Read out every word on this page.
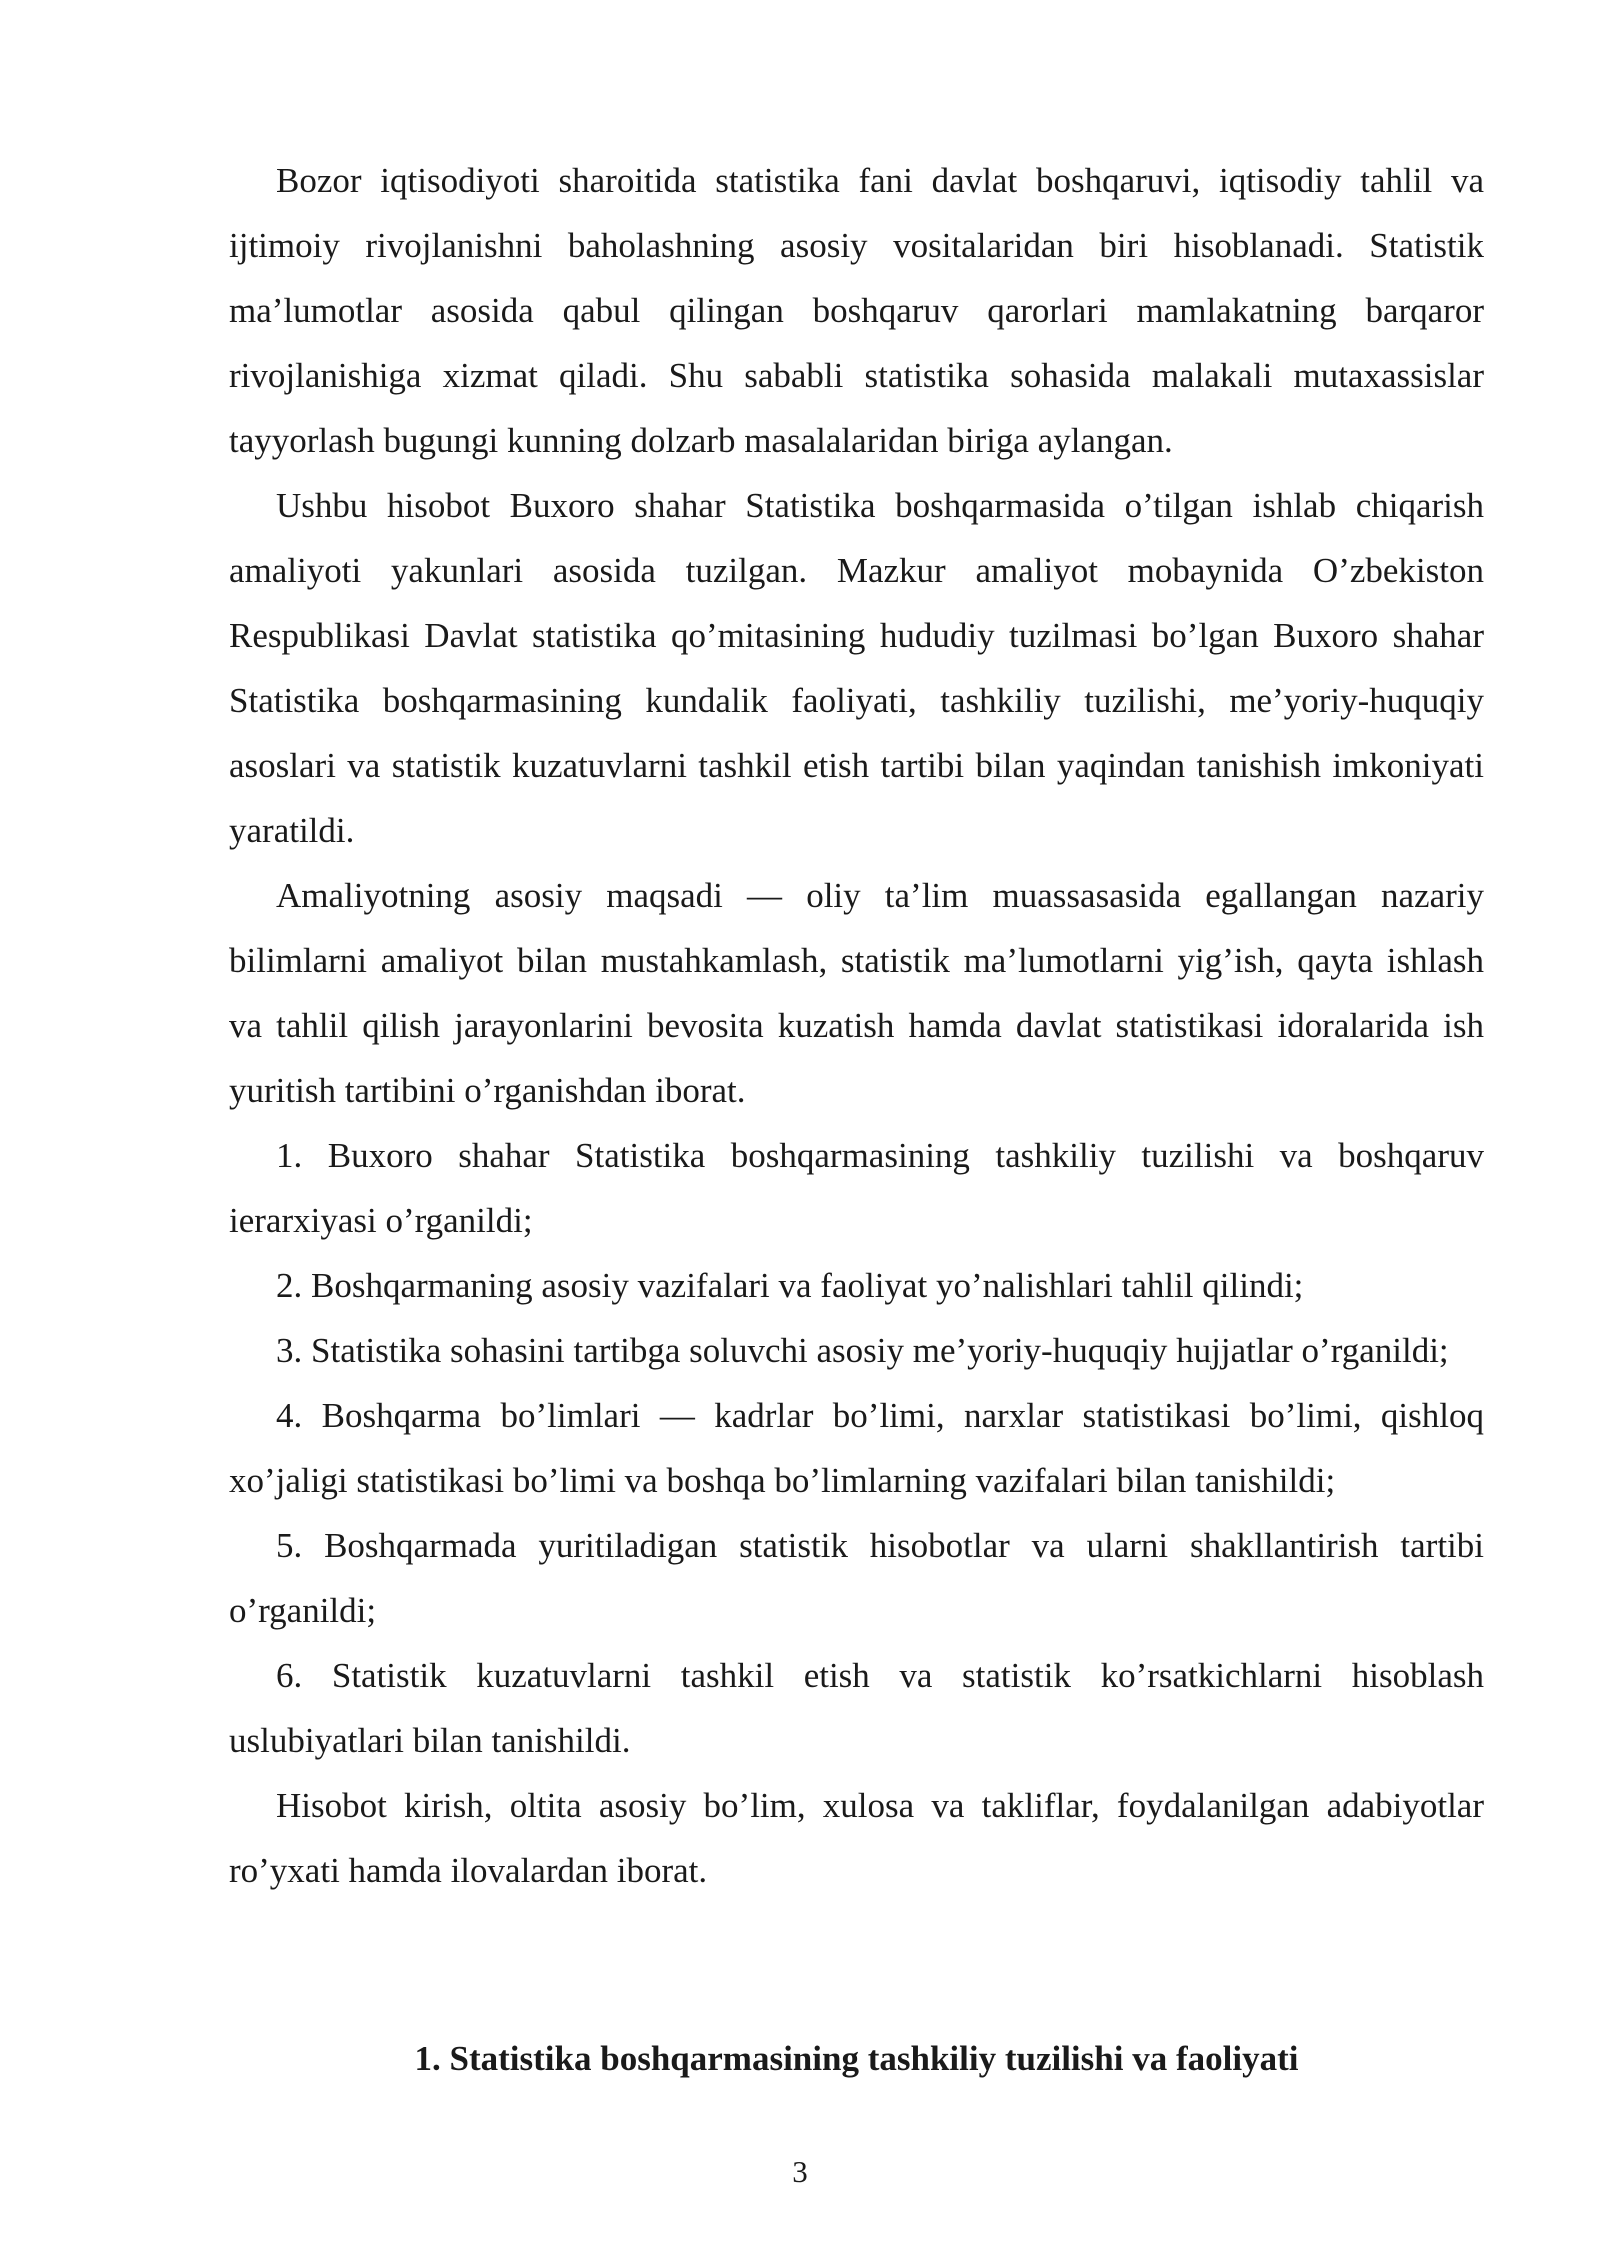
Bozor iqtisodiyoti sharoitida statistika fani davlat boshqaruvi, iqtisodiy tahlil va ijtimoiy rivojlanishni baholashning asosiy vositalaridan biri hisoblanadi. Statistik ma’lumotlar asosida qabul qilingan boshqaruv qarorlari mamlakatning barqaror rivojlanishiga xizmat qiladi. Shu sababli statistika sohasida malakali mutaxassislar tayyorlash bugungi kunning dolzarb masalalaridan biriga aylangan.

Ushbu hisobot Buxoro shahar Statistika boshqarmasida o’tilgan ishlab chiqarish amaliyoti yakunlari asosida tuzilgan. Mazkur amaliyot mobaynida O’zbekiston Respublikasi Davlat statistika qo’mitasining hududiy tuzilmasi bo’lgan Buxoro shahar Statistika boshqarmasining kundalik faoliyati, tashkiliy tuzilishi, me’yoriy-huquqiy asoslari va statistik kuzatuvlarni tashkil etish tartibi bilan yaqindan tanishish imkoniyati yaratildi.

Amaliyotning asosiy maqsadi — oliy ta’lim muassasasida egallangan nazariy bilimlarni amaliyot bilan mustahkamlash, statistik ma’lumotlarni yig’ish, qayta ishlash va tahlil qilish jarayonlarini bevosita kuzatish hamda davlat statistikasi idoralarida ish yuritish tartibini o’rganishdan iborat.

1. Buxoro shahar Statistika boshqarmasining tashkiliy tuzilishi va boshqaruv ierarxiyasi o’rganildi;

2. Boshqarmaning asosiy vazifalari va faoliyat yo’nalishlari tahlil qilindi;

3. Statistika sohasini tartibga soluvchi asosiy me’yoriy-huquqiy hujjatlar o’rganildi;

4. Boshqarma bo’limlari — kadrlar bo’limi, narxlar statistikasi bo’limi, qishloq xo’jaligi statistikasi bo’limi va boshqa bo’limlarning vazifalari bilan tanishildi;

5. Boshqarmada yuritiladigan statistik hisobotlar va ularni shakllantirish tartibi o’rganildi;

6. Statistik kuzatuvlarni tashkil etish va statistik ko’rsatkichlarni hisoblash uslubiyatlari bilan tanishildi.

Hisobot kirish, oltita asosiy bo’lim, xulosa va takliflar, foydalanilgan adabiyotlar ro’yxati hamda ilovalardan iborat.

1. Statistika boshqarmasining tashkiliy tuzilishi va faoliyati
3
